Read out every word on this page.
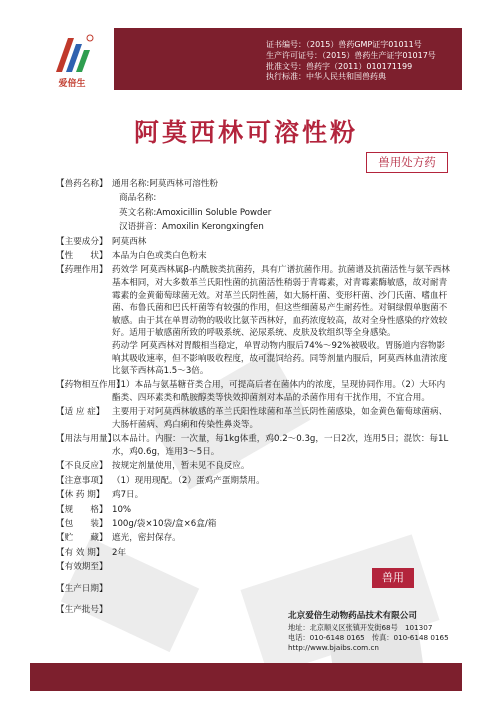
爱倍生
证书编号：（2015）兽药GMP证字01011号
生产许可证号：（2015）兽药生产证字01017号
批准文号：兽药字（2011）010171199
执行标准：中华人民共和国兽药典
阿莫西林可溶性粉
兽用处方药
【兽药名称】 通用名称:阿莫西林可溶性粉
商品名称:
英文名称:Amoxicillin Soluble Powder
汉语拼音：Amoxilin Kerongxingfen
【主要成分】 阿莫西林
【性　　状】 本品为白色或类白色粉末
【药理作用】 药效学 阿莫西林属β-内酰胺类抗菌药，具有广谱抗菌作用。抗菌谱及抗菌活性与氨苄西林基本相同，对大多数革兰氏阳性菌的抗菌活性稍弱于青霉素，对青霉素酶敏感，故对耐青霉素的金黄葡萄球菌无效。对革兰氏阴性菌，如大肠杆菌、变形杆菌、沙门氏菌、嗜血杆菌、布鲁氏菌和巴氏杆菌等有较强的作用，但这些细菌易产生耐药性。对铜绿假单胞菌不敏感。由于其在单胃动物的吸收比氨苄西林好，血药浓度较高，故对全身性感染的疗效较好。适用于敏感菌所致的呼吸系统、泌尿系统、皮肤及软组织等全身感染。
药动学 阿莫西林对胃酸相当稳定，单胃动物内服后74%～92%被吸收。胃肠道内容物影响其吸收速率，但不影响吸收程度，故可混饲给药。同等剂量内服后，阿莫西林血清浓度比氨苄西林高1.5～3倍。
【药物相互作用】
（1）本品与氨基糖苷类合用，可提高后者在菌体内的浓度，呈现协同作用。（2）大环内酯类、四环素类和酰胺醇类等快效抑菌剂对本品的杀菌作用有干扰作用，不宜合用。
【适 应 症】 主要用于对阿莫西林敏感的革兰氏阳性球菌和革兰氏阴性菌感染，如金黄色葡萄球菌病、大肠杆菌病、鸡白痢和传染性鼻炎等。
【用法与用量】
以本品计。内服：一次量，每1kg体重，鸡0.2～0.3g，一日2次，连用5日；混饮：每1L水，鸡0.6g，连用3～5日。
【不良反应】 按规定剂量使用，暂未见不良反应。
【注意事项】 （1）现用现配。（2）蛋鸡产蛋期禁用。
【休 药 期】 鸡7日。
【规　　格】 10%
【包　　装】 100g/袋×10袋/盒×6盒/箱
【贮　　藏】 遮光，密封保存。
【有 效 期】 2年
【有效期至】
【生产日期】
【生产批号】
兽用
北京爱倍生动物药品技术有限公司
地址：北京顺义区张镇开发街68号　101307
电话：010-6148 0165　传真：010-6148 0165
http://www.bjaibs.com.cn
